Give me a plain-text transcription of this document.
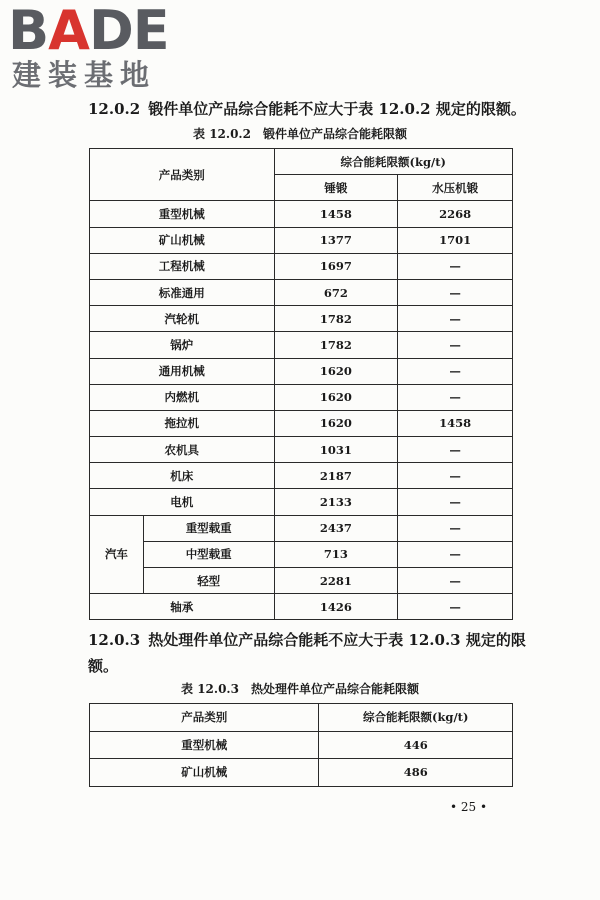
BADE
建装基地

12.0.2 锻件单位产品综合能耗不应大于表 12.0.2 规定的限额。

表 12.0.2 锻件单位产品综合能耗限额

产品类别		综合能耗限额(kg/t)	
		锤锻	水压机锻
重型机械		1458	2268
矿山机械		1377	1701
工程机械		1697	—
标准通用		672	—
汽轮机		1782	—
锅炉		1782	—
通用机械		1620	—
内燃机		1620	—
拖拉机		1620	1458
农机具		1031	—
机床		2187	—
电机		2133	—
汽车	重型载重	2437	—
	中型载重	713	—
	轻型	2281	—
轴承		1426	—

12.0.3 热处理件单位产品综合能耗不应大于表 12.0.3 规定的限额。

表 12.0.3 热处理件单位产品综合能耗限额

产品类别	综合能耗限额(kg/t)
重型机械	446
矿山机械	486
• 25 •
